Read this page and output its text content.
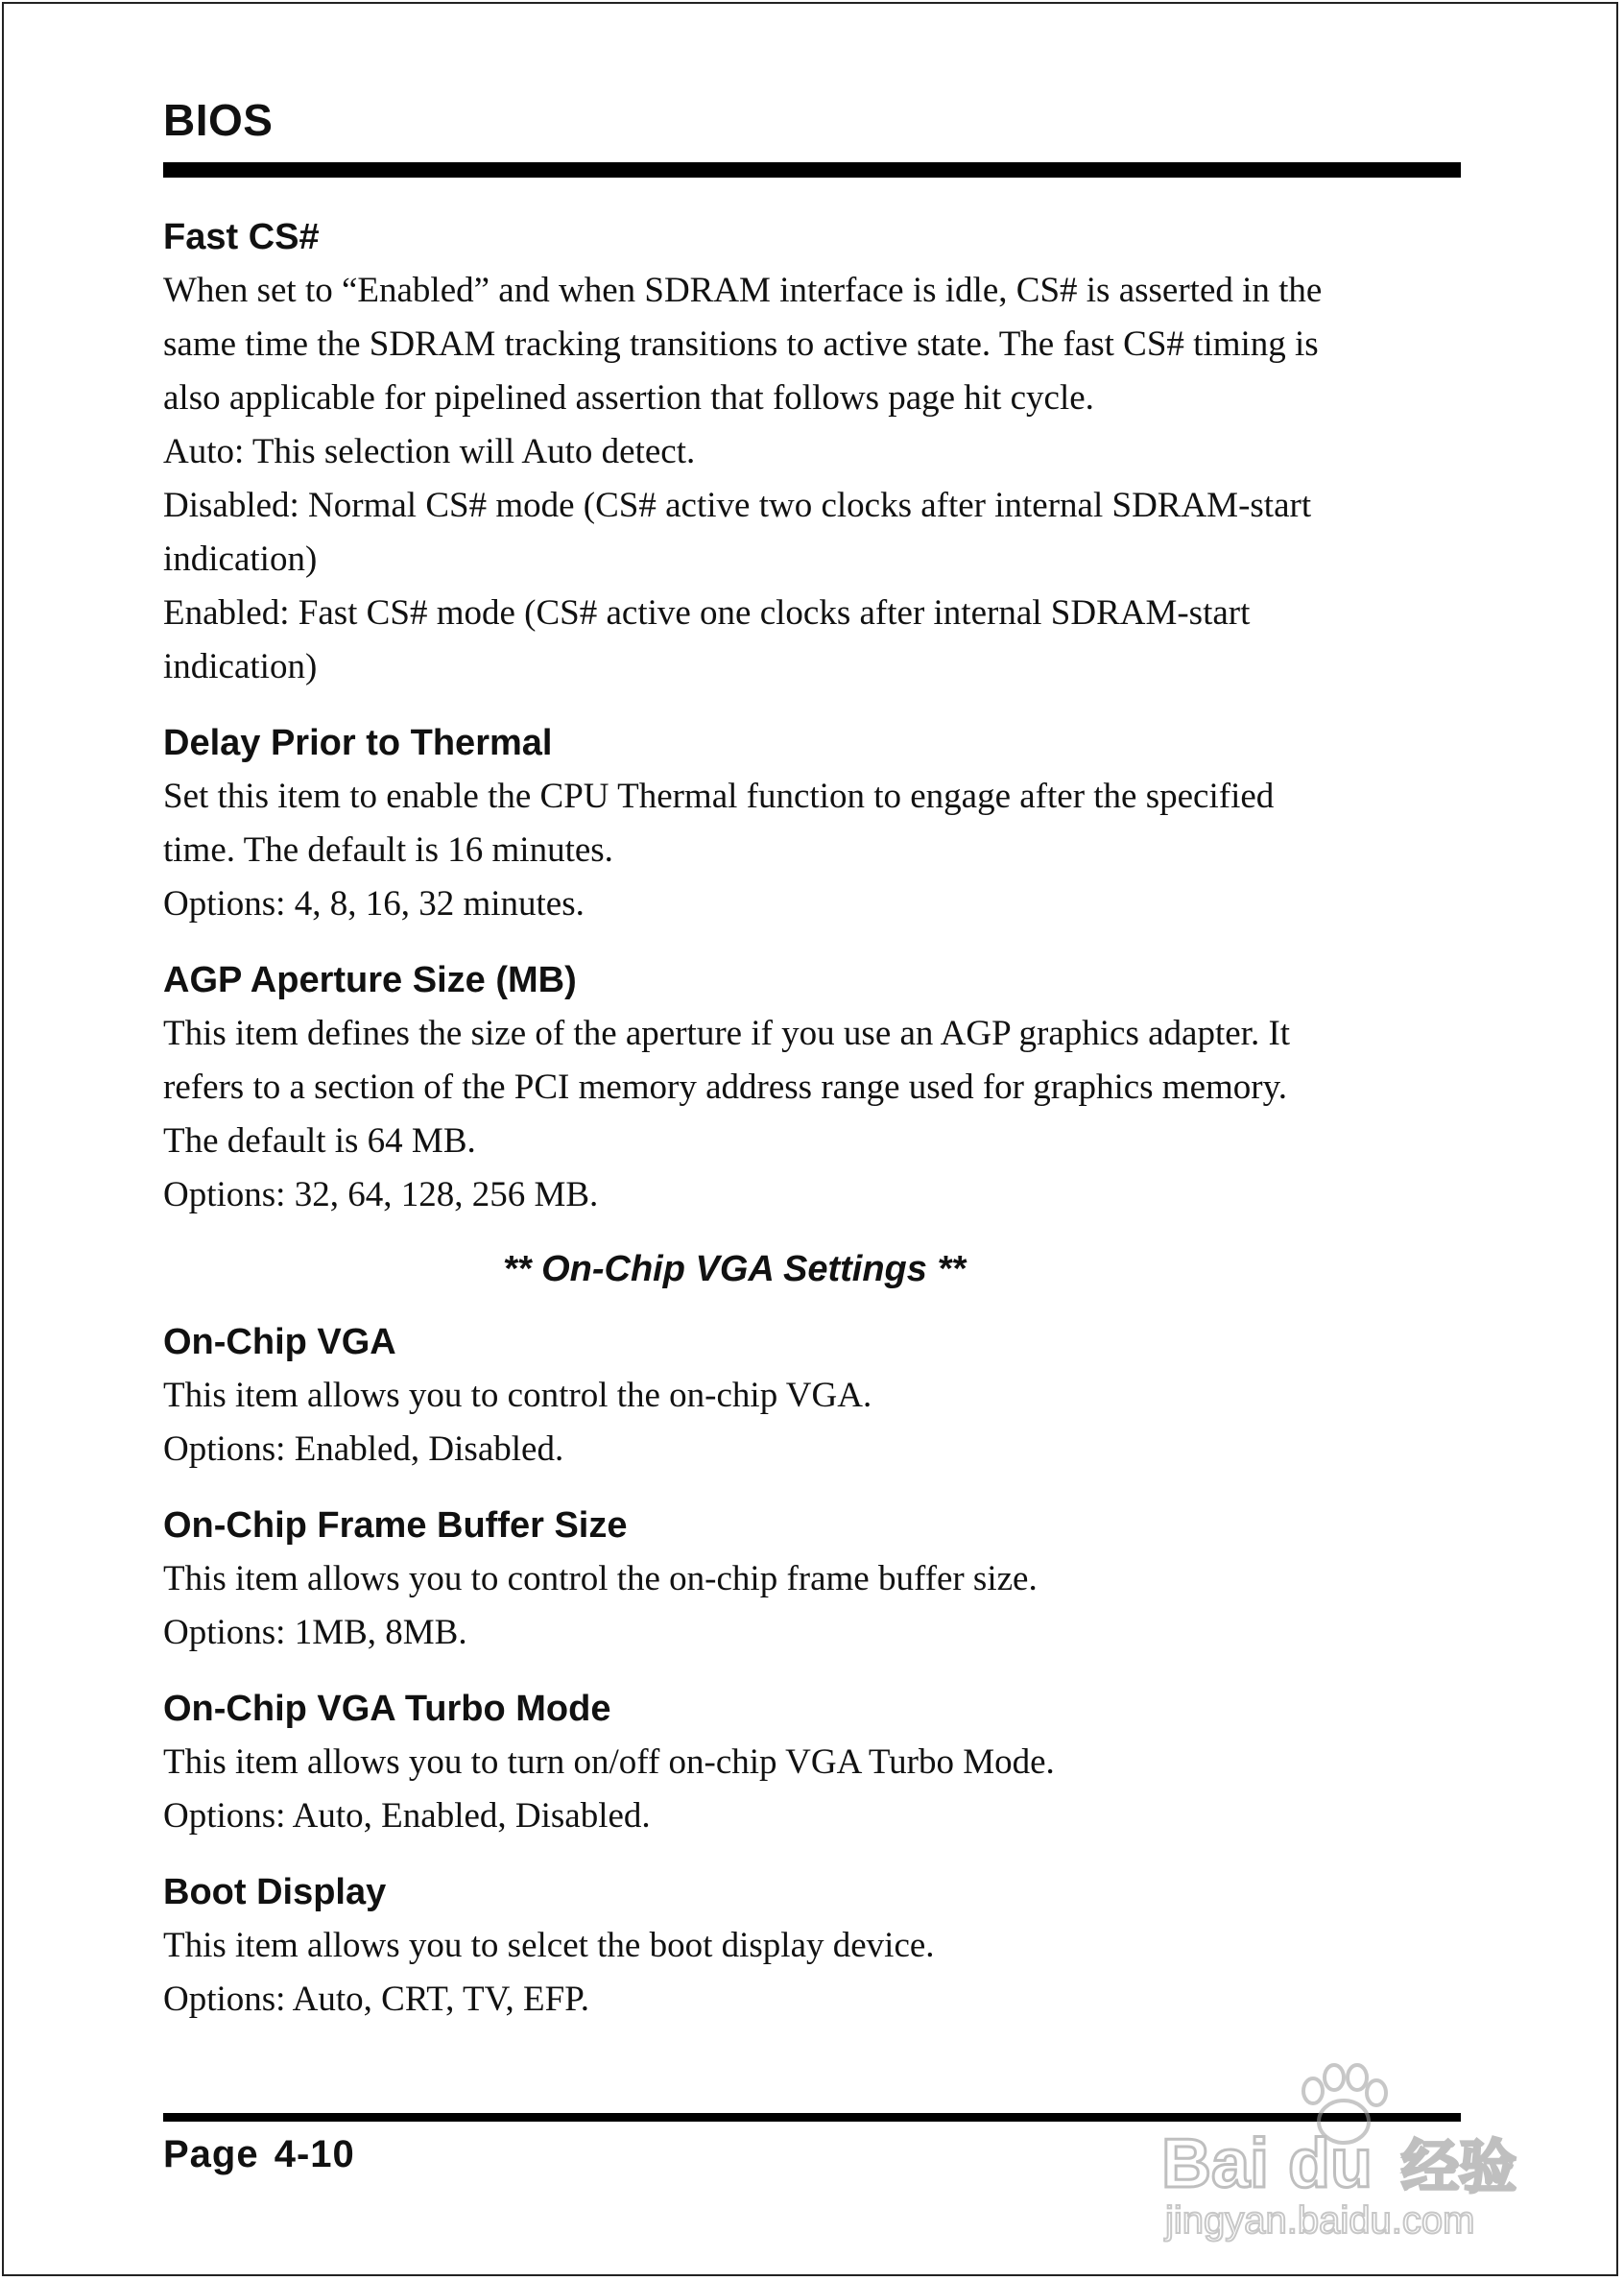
BIOS
Fast CS#

When set to “Enabled” and when SDRAM interface is idle, CS# is asserted in the

same time the SDRAM tracking transitions to active state. The fast CS# timing is

also applicable for pipelined assertion that follows page hit cycle.

Auto: This selection will Auto detect.

Disabled: Normal CS# mode (CS# active two clocks after internal SDRAM-start

indication)

Enabled: Fast CS# mode (CS# active one clocks after internal SDRAM-start

indication)

Delay Prior to Thermal

Set this item to enable the CPU Thermal function to engage after the specified

time. The default is 16 minutes.

Options: 4, 8, 16, 32 minutes.

AGP Aperture Size (MB)

This item defines the size of the aperture if you use an AGP graphics adapter. It

refers to a section of the PCI memory address range used for graphics memory.

The default is 64 MB.

Options: 32, 64, 128, 256 MB.

** On-Chip VGA Settings **
On-Chip VGA

This item allows you to control the on-chip VGA.

Options: Enabled, Disabled.

On-Chip Frame Buffer Size

This item allows you to control the on-chip frame buffer size.

Options: 1MB, 8MB.

On-Chip VGA Turbo Mode

This item allows you to turn on/off on-chip VGA Turbo Mode.

Options: Auto, Enabled, Disabled.

Boot Display

This item allows you to selcet the boot display device.

Options: Auto, CRT, TV, EFP.

Page 4-10	Bai du 经验
jingyan.baidu.com
